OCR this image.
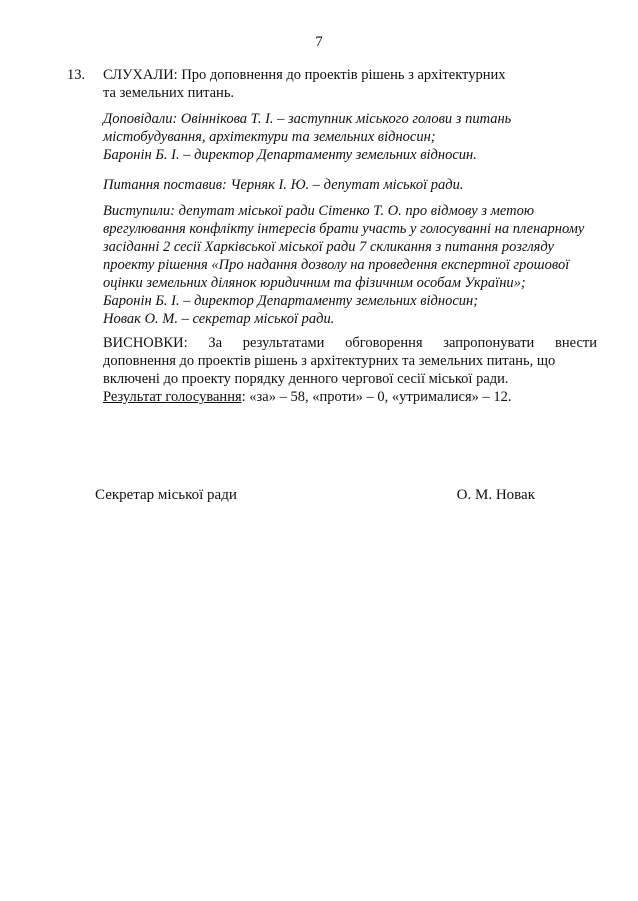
7
13. СЛУХАЛИ: Про доповнення до проектів рішень з архітектурних
та земельних питань.
Доповідали: Овіннікова Т. І. – заступник міського голови з питань
містобудування, архітектури та земельних відносин;
Баронін Б. І. – директор Департаменту земельних відносин.
Питання поставив: Черняк І. Ю. – депутат міської ради.
Виступили: депутат міської ради Сітенко Т. О. про відмову з метою
врегулювання конфлікту інтересів брати участь у голосуванні на пленарному
засіданні 2 сесії Харківської міської ради 7 скликання з питання розгляду
проекту рішення «Про надання дозволу на проведення експертної грошової
оцінки земельних ділянок юридичним та фізичним особам України»;
Баронін Б. І. – директор Департаменту земельних відносин;
Новак О. М. – секретар міської ради.
ВИСНОВКИ: За результатами обговорення запропонувати внести
доповнення до проектів рішень з архітектурних та земельних питань, що
включені до проекту порядку денного чергової сесії міської ради.
Результат голосування: «за» – 58, «проти» – 0, «утрималися» – 12.
Секретар міської ради	О. М. Новак
